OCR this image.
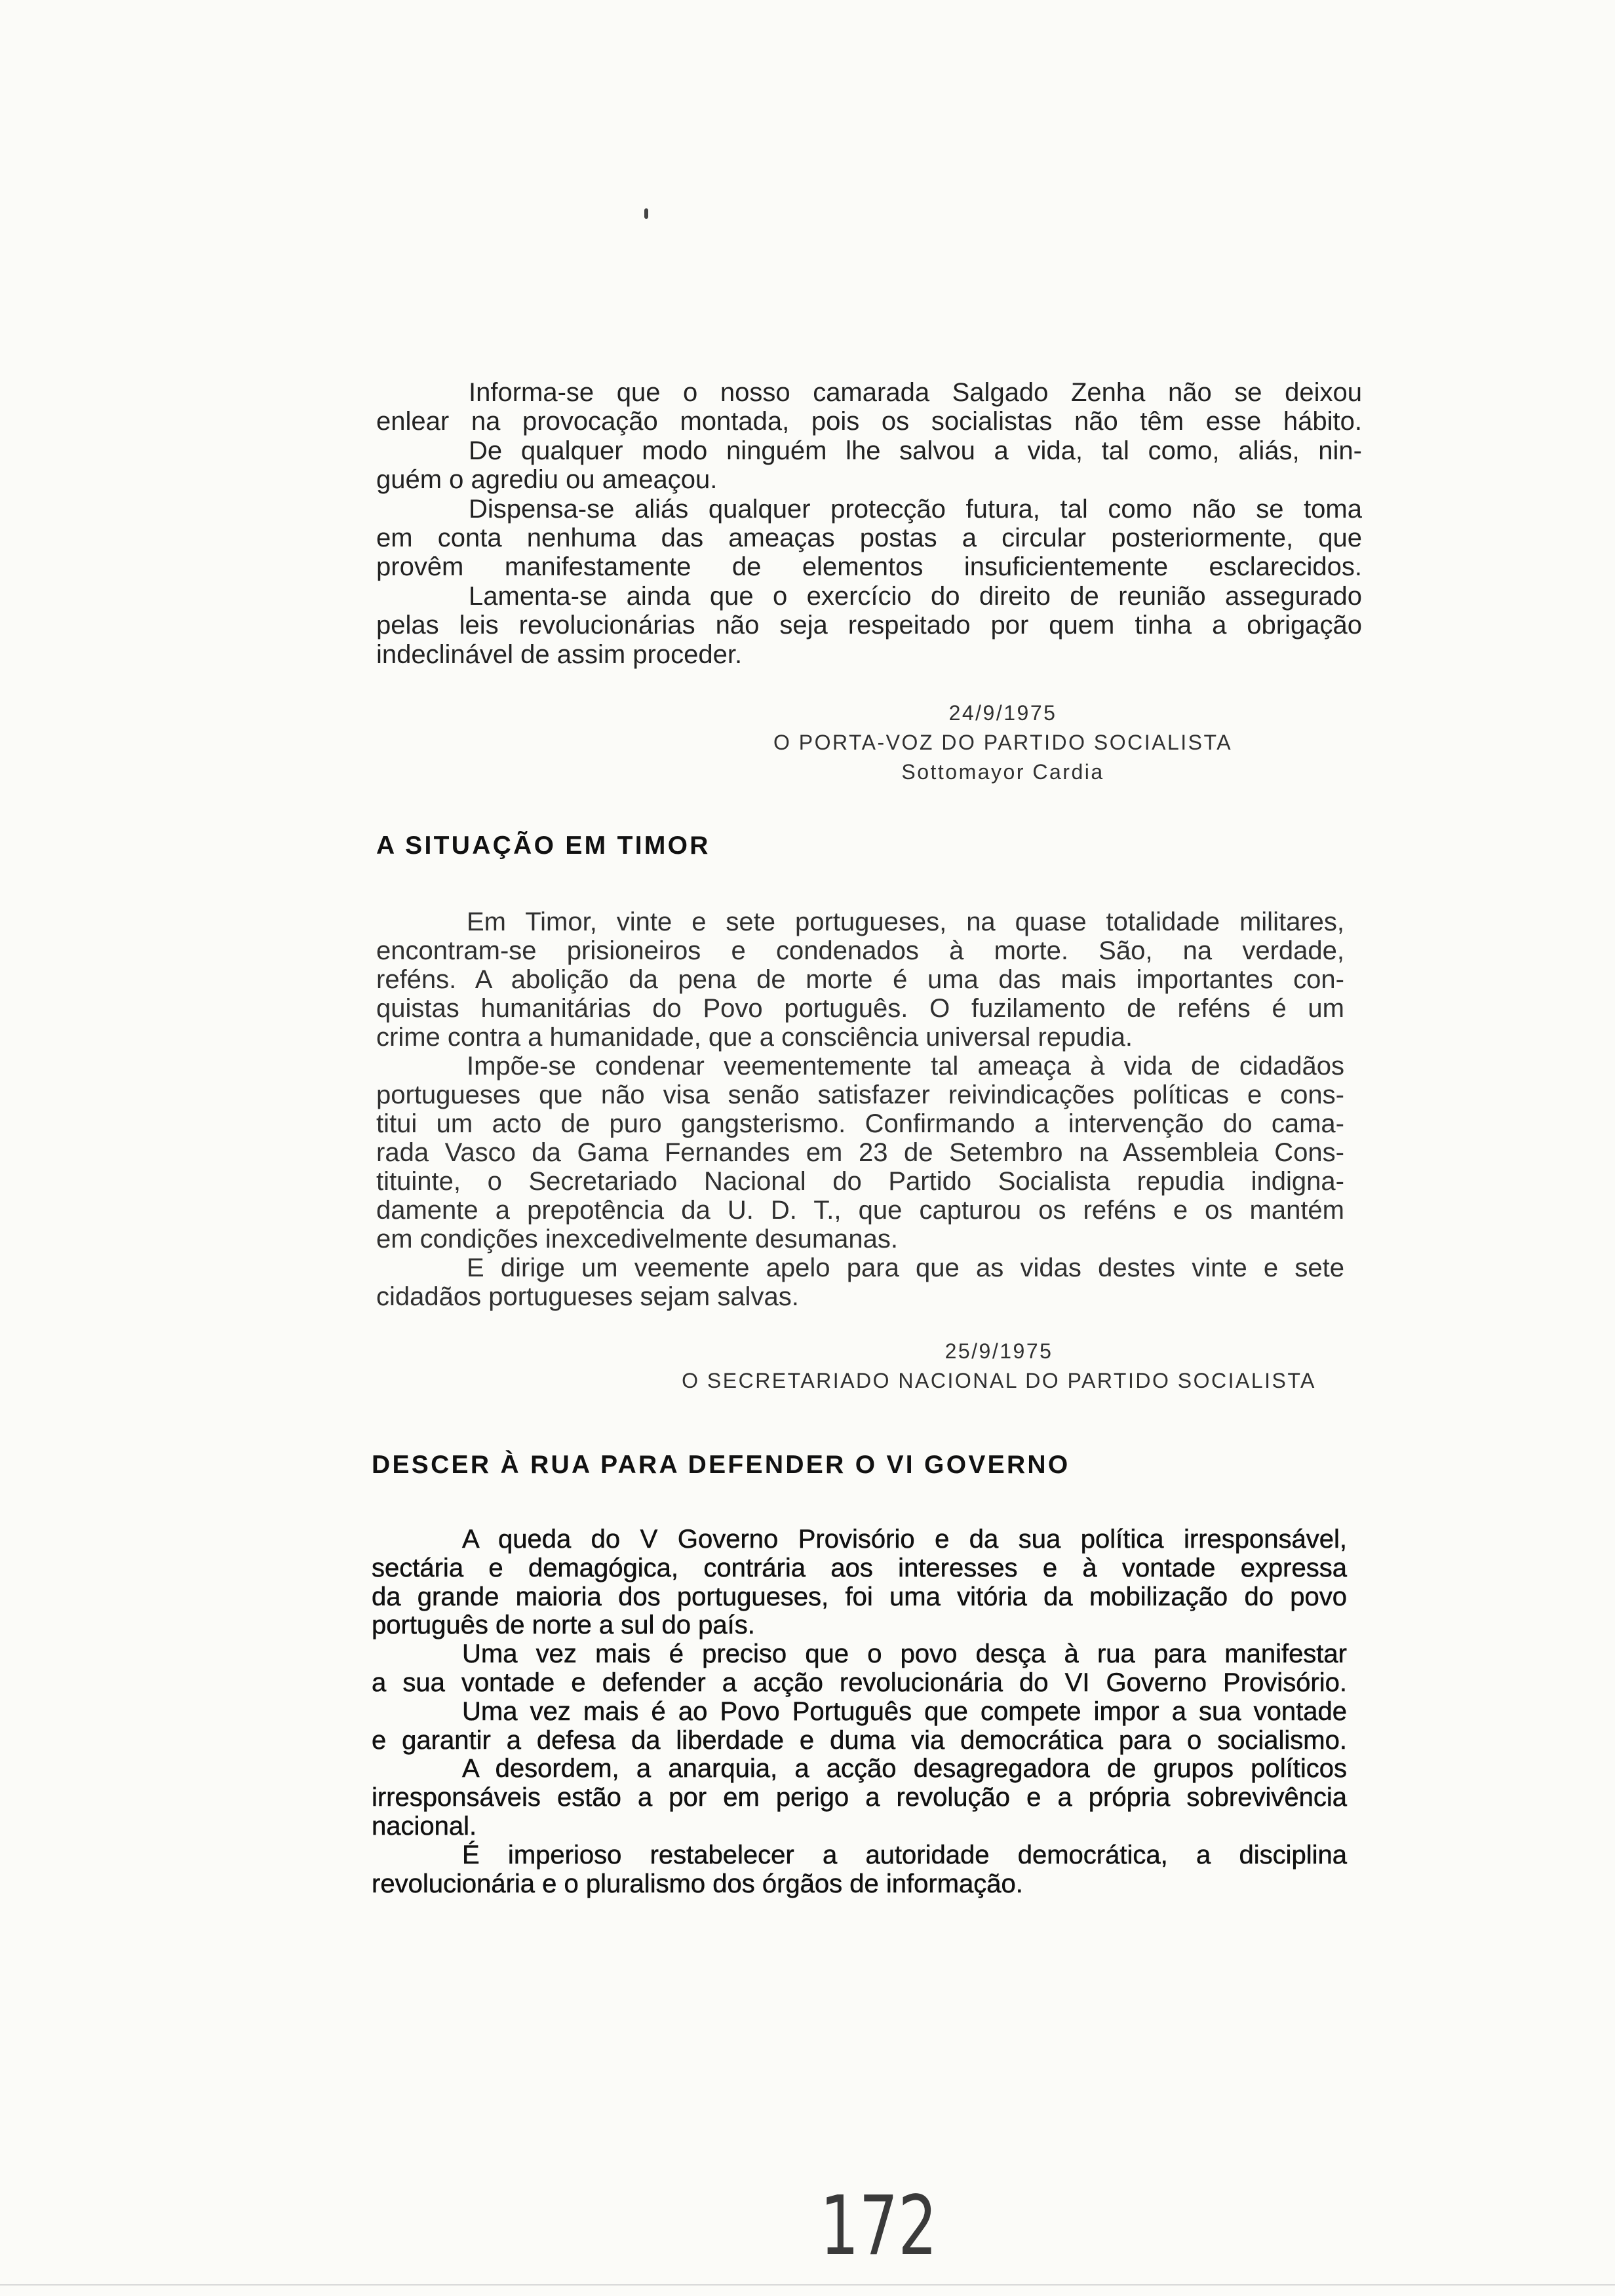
Informa-se que o nosso camarada Salgado Zenha não se deixou
enlear na provocação montada, pois os socialistas não têm esse hábito.
De qualquer modo ninguém lhe salvou a vida, tal como, aliás, nin-
guém o agrediu ou ameaçou.
Dispensa-se aliás qualquer protecção futura, tal como não se toma
em conta nenhuma das ameaças postas a circular posteriormente, que
provêm manifestamente de elementos insuficientemente esclarecidos.
Lamenta-se ainda que o exercício do direito de reunião assegurado
pelas leis revolucionárias não seja respeitado por quem tinha a obrigação
indeclinável de assim proceder.
24/9/1975
O PORTA-VOZ DO PARTIDO SOCIALISTA
Sottomayor Cardia
A SITUAÇÃO EM TIMOR
Em Timor, vinte e sete portugueses, na quase totalidade militares,
encontram-se prisioneiros e condenados à morte. São, na verdade,
reféns. A abolição da pena de morte é uma das mais importantes con-
quistas humanitárias do Povo português. O fuzilamento de reféns é um
crime contra a humanidade, que a consciência universal repudia.
Impõe-se condenar veementemente tal ameaça à vida de cidadãos
portugueses que não visa senão satisfazer reivindicações políticas e cons-
titui um acto de puro gangsterismo. Confirmando a intervenção do cama-
rada Vasco da Gama Fernandes em 23 de Setembro na Assembleia Cons-
tituinte, o Secretariado Nacional do Partido Socialista repudia indigna-
damente a prepotência da U. D. T., que capturou os reféns e os mantém
em condições inexcedivelmente desumanas.
E dirige um veemente apelo para que as vidas destes vinte e sete
cidadãos portugueses sejam salvas.
25/9/1975
O SECRETARIADO NACIONAL DO PARTIDO SOCIALISTA
DESCER À RUA PARA DEFENDER O VI GOVERNO
A queda do V Governo Provisório e da sua política irresponsável,
sectária e demagógica, contrária aos interesses e à vontade expressa
da grande maioria dos portugueses, foi uma vitória da mobilização do povo
português de norte a sul do país.
Uma vez mais é preciso que o povo desça à rua para manifestar
a sua vontade e defender a acção revolucionária do VI Governo Provisório.
Uma vez mais é ao Povo Português que compete impor a sua vontade
e garantir a defesa da liberdade e duma via democrática para o socialismo.
A desordem, a anarquia, a acção desagregadora de grupos políticos
irresponsáveis estão a por em perigo a revolução e a própria sobrevivência
nacional.
É imperioso restabelecer a autoridade democrática, a disciplina
revolucionária e o pluralismo dos órgãos de informação.
172
